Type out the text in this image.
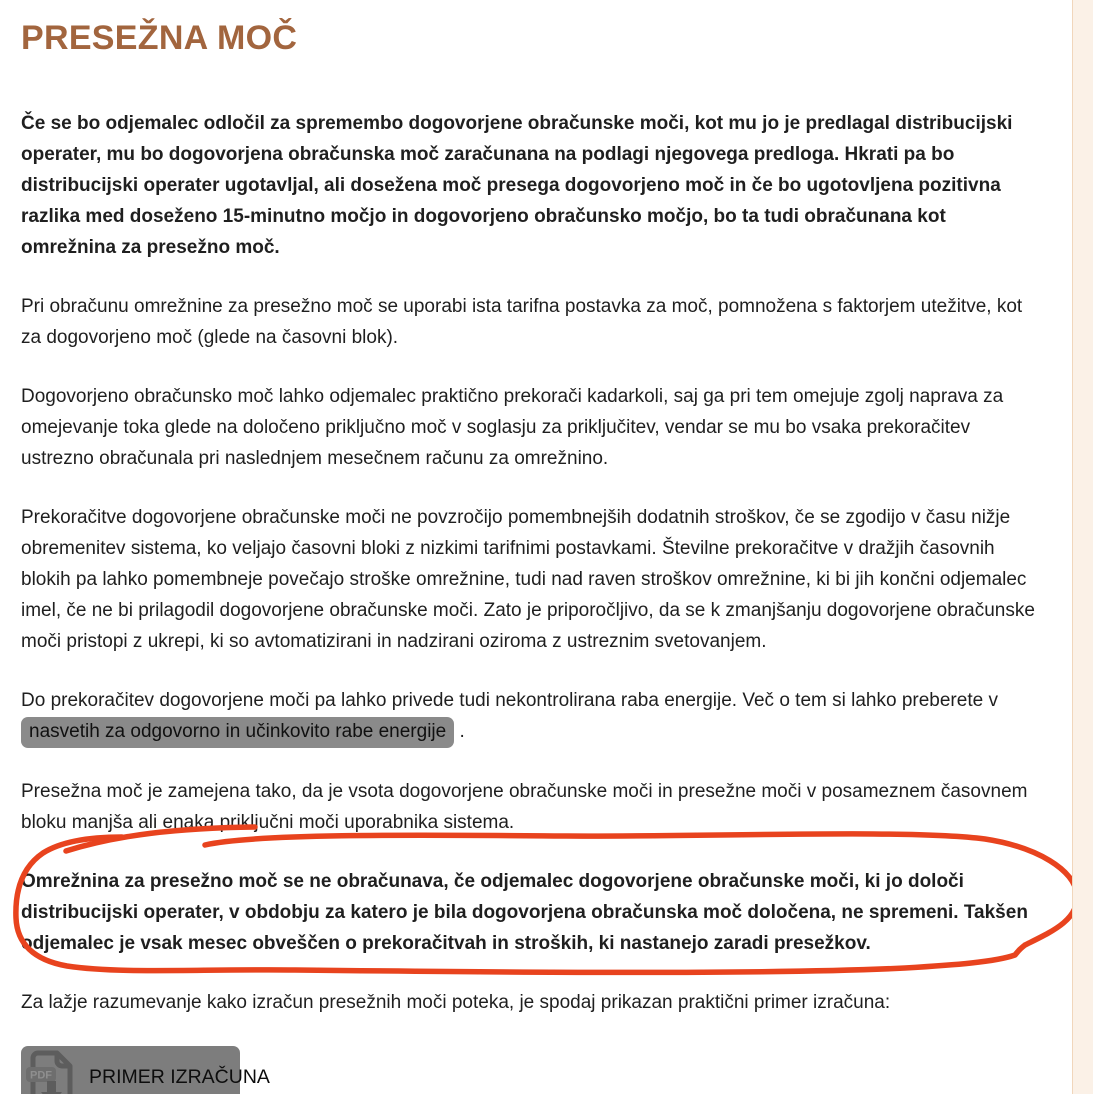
PRESEŽNA MOČ

Če se bo odjemalec odločil za spremembo dogovorjene obračunske moči, kot mu jo je predlagal distribucijski operater, mu bo dogovorjena obračunska moč zaračunana na podlagi njegovega predloga. Hkrati pa bo distribucijski operater ugotavljal, ali dosežena moč presega dogovorjeno moč in če bo ugotovljena pozitivna razlika med doseženo 15-minutno močjo in dogovorjeno obračunsko močjo, bo ta tudi obračunana kot omrežnina za presežno moč.

Pri obračunu omrežnine za presežno moč se uporabi ista tarifna postavka za moč, pomnožena s faktorjem utežitve, kot za dogovorjeno moč (glede na časovni blok).

Dogovorjeno obračunsko moč lahko odjemalec praktično prekorači kadarkoli, saj ga pri tem omejuje zgolj naprava za omejevanje toka glede na določeno priključno moč v soglasju za priključitev, vendar se mu bo vsaka prekoračitev ustrezno obračunala pri naslednjem mesečnem računu za omrežnino.

Prekoračitve dogovorjene obračunske moči ne povzročijo pomembnejših dodatnih stroškov, če se zgodijo v času nižje obremenitev sistema, ko veljajo časovni bloki z nizkimi tarifnimi postavkami. Številne prekoračitve v dražjih časovnih blokih pa lahko pomembneje povečajo stroške omrežnine, tudi nad raven stroškov omrežnine, ki bi jih končni odjemalec imel, če ne bi prilagodil dogovorjene obračunske moči. Zato je priporočljivo, da se k zmanjšanju dogovorjene obračunske moči pristopi z ukrepi, ki so avtomatizirani in nadzirani oziroma z ustreznim svetovanjem.

Do prekoračitev dogovorjene moči pa lahko privede tudi nekontrolirana raba energije. Več o tem si lahko preberete v nasvetih za odgovorno in učinkovito rabe energije .

Presežna moč je zamejena tako, da je vsota dogovorjene obračunske moči in presežne moči v posameznem časovnem bloku manjša ali enaka priključni moči uporabnika sistema.

Omrežnina za presežno moč se ne obračunava, če odjemalec dogovorjene obračunske moči, ki jo določi distribucijski operater, v obdobju za katero je bila dogovorjena obračunska moč določena, ne spremeni. Takšen odjemalec je vsak mesec obveščen o prekoračitvah in stroških, ki nastanejo zaradi presežkov.

Za lažje razumevanje kako izračun presežnih moči poteka, je spodaj prikazan praktični primer izračuna:

PDF PRIMER IZRAČUNA
